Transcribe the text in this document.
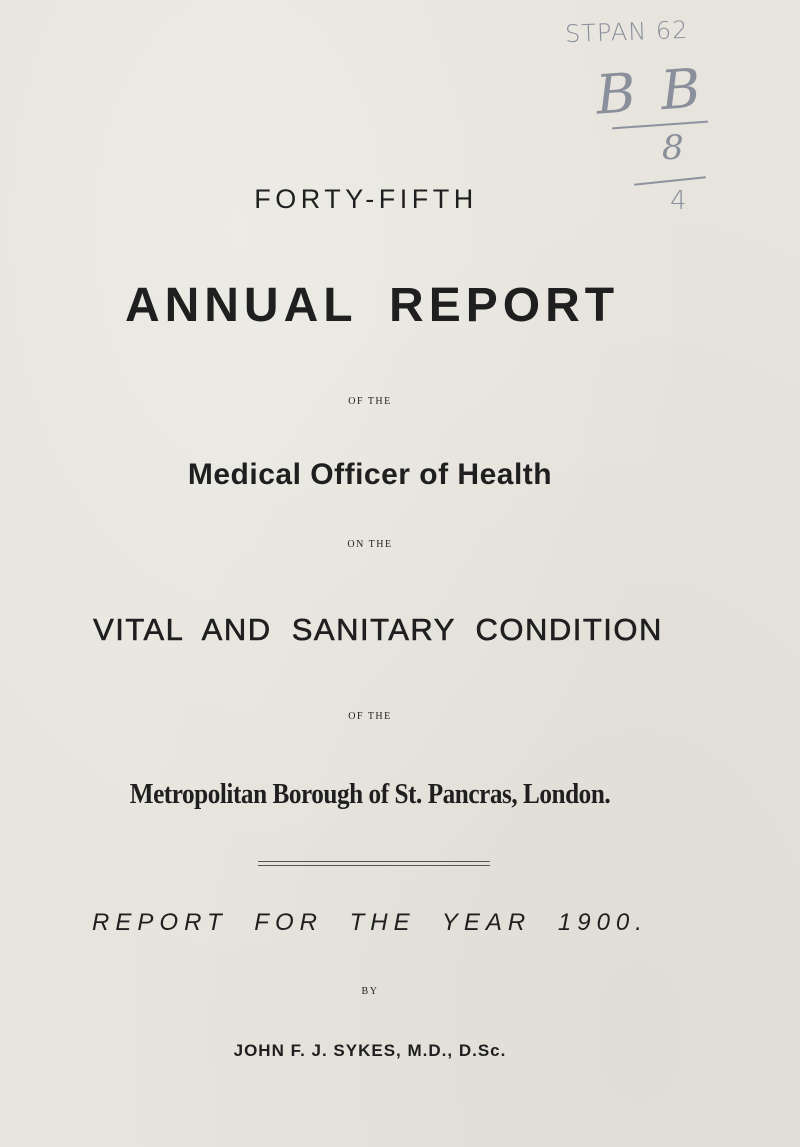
STPAN 62
B B
8
4
FORTY-FIFTH
ANNUAL REPORT
OF THE
Medical Officer of Health
ON THE
VITAL AND SANITARY CONDITION
OF THE
Metropolitan Borough of St. Pancras, London.
REPORT FOR THE YEAR 1900.
BY
JOHN F. J. SYKES, M.D., D.Sc.
